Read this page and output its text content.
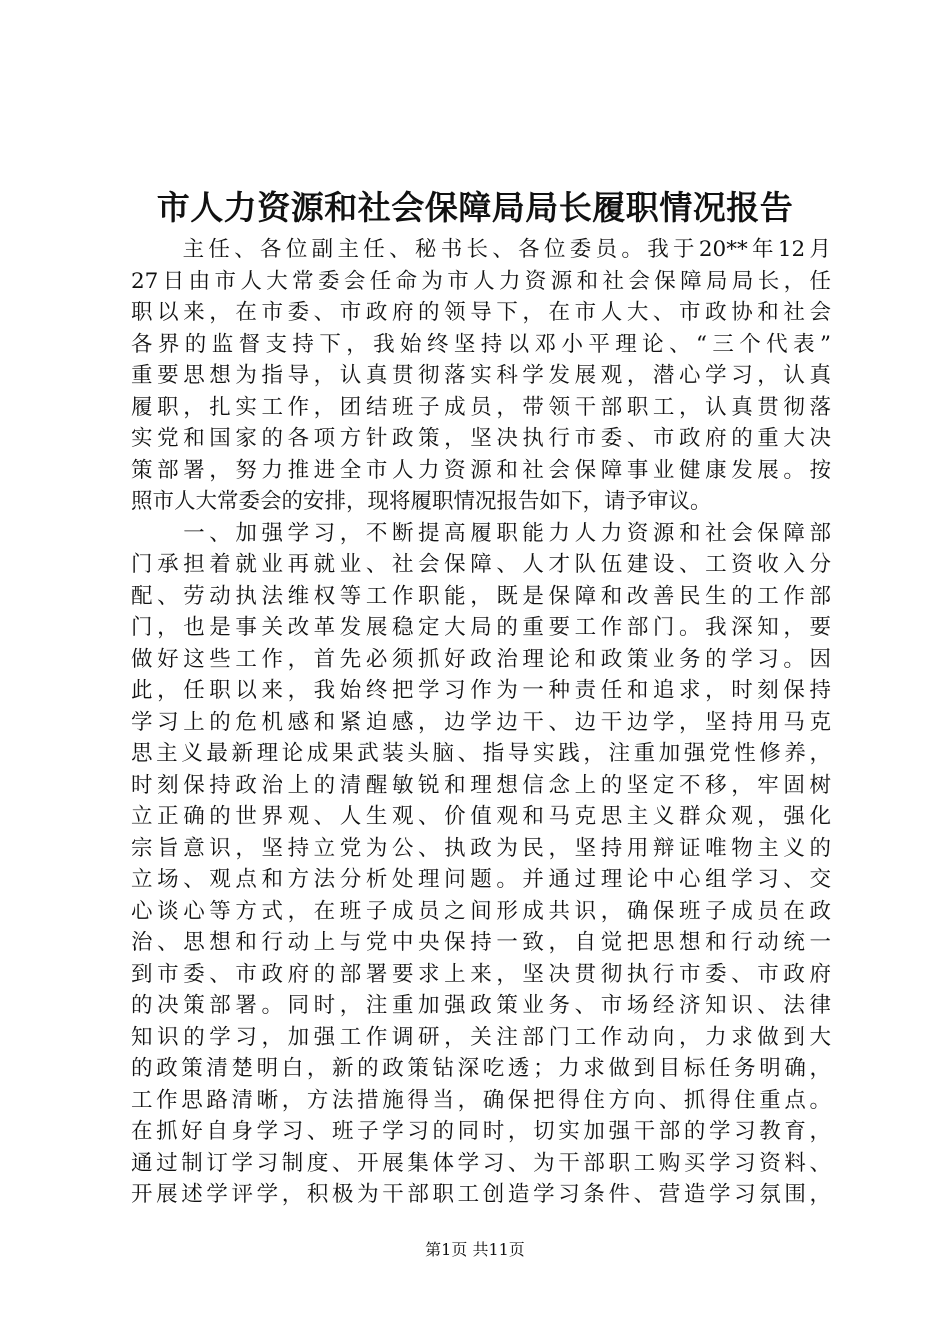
市人力资源和社会保障局局长履职情况报告
　　主任、各位副主任、秘书长、各位委员。我于20**年12月
27日由市人大常委会任命为市人力资源和社会保障局局长，任
职以来，在市委、市政府的领导下，在市人大、市政协和社会
各界的监督支持下，我始终坚持以邓小平理论、“三个代表”
重要思想为指导，认真贯彻落实科学发展观，潜心学习，认真
履职，扎实工作，团结班子成员，带领干部职工，认真贯彻落
实党和国家的各项方针政策，坚决执行市委、市政府的重大决
策部署，努力推进全市人力资源和社会保障事业健康发展。按
照市人大常委会的安排，现将履职情况报告如下，请予审议。
　　一、加强学习，不断提高履职能力人力资源和社会保障部
门承担着就业再就业、社会保障、人才队伍建设、工资收入分
配、劳动执法维权等工作职能，既是保障和改善民生的工作部
门，也是事关改革发展稳定大局的重要工作部门。我深知，要
做好这些工作，首先必须抓好政治理论和政策业务的学习。因
此，任职以来，我始终把学习作为一种责任和追求，时刻保持
学习上的危机感和紧迫感，边学边干、边干边学，坚持用马克
思主义最新理论成果武装头脑、指导实践，注重加强党性修养，
时刻保持政治上的清醒敏锐和理想信念上的坚定不移，牢固树
立正确的世界观、人生观、价值观和马克思主义群众观，强化
宗旨意识，坚持立党为公、执政为民，坚持用辩证唯物主义的
立场、观点和方法分析处理问题。并通过理论中心组学习、交
心谈心等方式，在班子成员之间形成共识，确保班子成员在政
治、思想和行动上与党中央保持一致，自觉把思想和行动统一
到市委、市政府的部署要求上来，坚决贯彻执行市委、市政府
的决策部署。同时，注重加强政策业务、市场经济知识、法律
知识的学习，加强工作调研，关注部门工作动向，力求做到大
的政策清楚明白，新的政策钻深吃透；力求做到目标任务明确，
工作思路清晰，方法措施得当，确保把得住方向、抓得住重点。
在抓好自身学习、班子学习的同时，切实加强干部的学习教育，
通过制订学习制度、开展集体学习、为干部职工购买学习资料、
开展述学评学，积极为干部职工创造学习条件、营造学习氛围，
第1页 共11页
